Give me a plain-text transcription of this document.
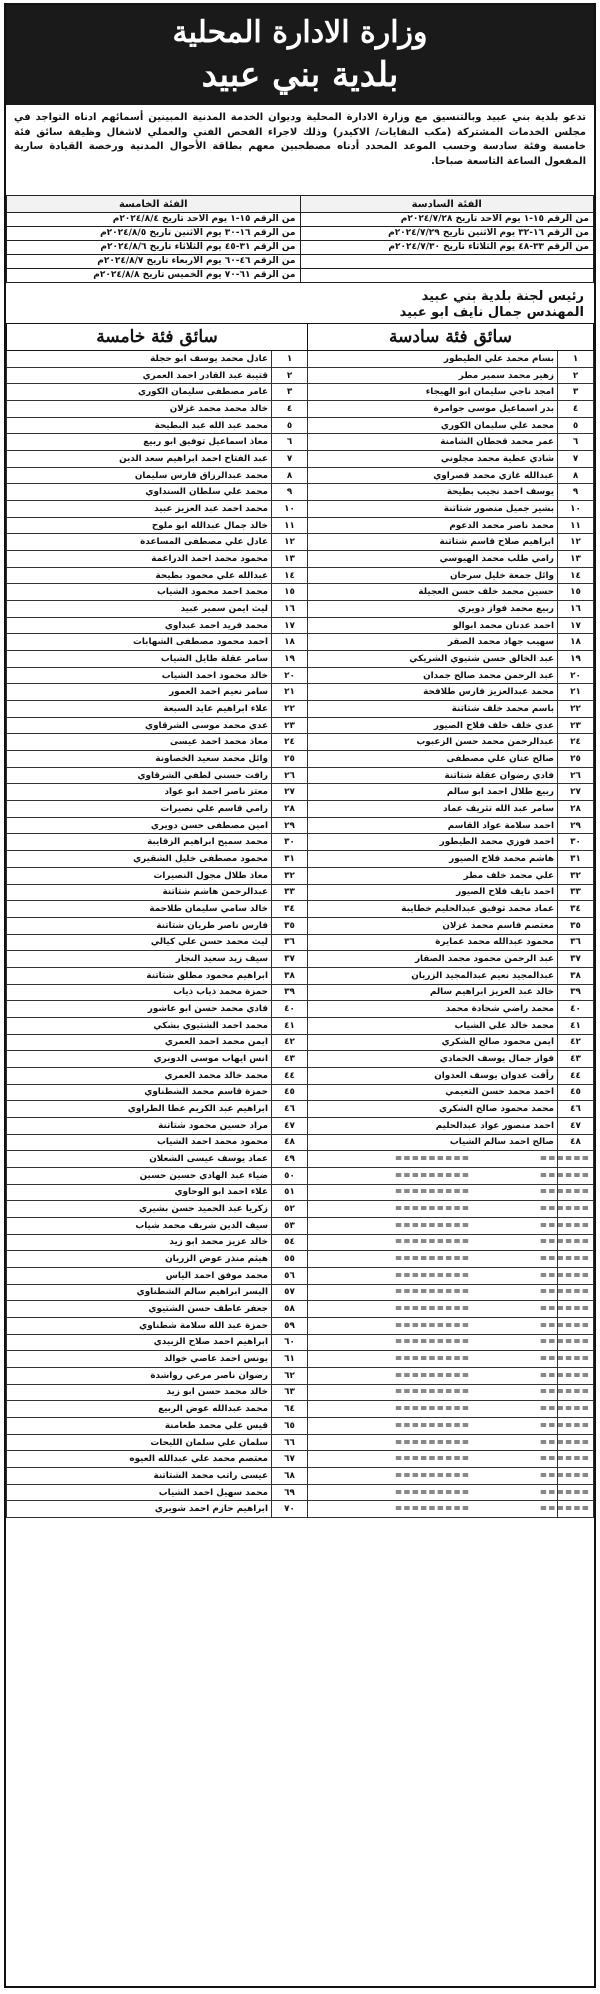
وزارة الادارة المحلية
بلدية بني عبيد
تدعو بلدية بني عبيد وبالتنسيق مع وزارة الادارة المحلية وديوان الخدمة المدنية المبينين أسمائهم ادناه التواجد في مجلس الخدمات المشتركة (مكب النفايات/ الاكيدر) وذلك لاجراء الفحص الفني والعملي لاشغال وظيفة سائق فئة خامسة وفئة سادسة وحسب الموعد المحدد أدناه مصطحبين معهم بطاقة الأحوال المدنية ورخصة القيادة سارية المفعول الساعة التاسعة صباحا.
الفئة السادسة	الفئة الخامسة
من الرقم ١٥-١ يوم الاحد تاريخ ٢٠٢٤/٧/٢٨م	من الرقم ١٥-١ يوم الاحد تاريخ ٢٠٢٤/٨/٤م
من الرقم ١٦-٣٢ يوم الاثنين تاريخ ٢٠٢٤/٧/٢٩م	من الرقم ١٦-٣٠ يوم الاثنين تاريخ ٢٠٢٤/٨/٥م
من الرقم ٣٣-٤٨ يوم الثلاثاء تاريخ ٢٠٢٤/٧/٣٠م	من الرقم ٣١-٤٥ يوم الثلاثاء تاريخ ٢٠٢٤/٨/٦م
	من الرقم ٤٦-٦٠ يوم الاربعاء تاريخ ٢٠٢٤/٨/٧م
	من الرقم ٦١-٧٠ يوم الخميس تاريخ ٢٠٢٤/٨/٨م
رئيس لجنة بلدية بني عبيد
المهندس جمال نايف ابو عبيد
سائق فئة سادسة		سائق فئة خامسة	
١	بسام محمد علي الطيطور	١	عادل محمد يوسف ابو حجلة
٢	زهير محمد سمير مطر	٢	قتيبة عبد القادر احمد العمري
٣	امجد ناجي سليمان ابو الهيجاء	٣	عامر مصطفى سليمان الكوري
٤	بدر اسماعيل موسى جوامرة	٤	خالد محمد محمد غزلان
٥	محمد علي سليمان الكوري	٥	محمد عبد الله عبد البطيحة
٦	عمر محمد قحطان الشامنة	٦	معاذ اسماعيل توفيق ابو ربيع
٧	شادي عطية محمد مجلوني	٧	عبد الفتاح احمد ابراهيم سعد الدين
٨	عبدالله غازي محمد قصراوي	٨	محمد عبدالرزاق فارس سليمان
٩	يوسف احمد نجيب بطيحة	٩	محمد علي سلطان السنداوي
١٠	بشير جميل منصور شتاتنة	١٠	محمد احمد عبد العزيز عبيد
١١	محمد ناصر محمد الدعوم	١١	خالد جمال عبدالله ابو ملوح
١٢	ابراهيم صلاح قاسم شتاتنة	١٢	عادل علي مصطفى المساعدة
١٣	رامي طلب محمد الهيوسي	١٣	محمود محمد احمد الدراغمة
١٤	وائل جمعة خليل سرحان	١٤	عبدالله علي محمود بطيحة
١٥	حسين محمد خلف حسن العجيلة	١٥	محمد احمد محمود الشياب
١٦	ربيع محمد فواز دويري	١٦	ليث ايمن سمير عبيد
١٧	احمد عدنان محمد ابوالو	١٧	محمد فريد احمد عبداوي
١٨	سهيب جهاد محمد الصقر	١٨	احمد محمود مصطفى الشهابات
١٩	عبد الخالق حسن شتيوي الشريكي	١٩	سامر عقلة طايل الشياب
٢٠	عبد الرحمن محمد صالح جمدان	٢٠	خالد محمود احمد الشياب
٢١	محمد عبدالعزيز فارس طلافحة	٢١	سامر نعيم احمد العمور
٢٢	باسم محمد خلف شتاتنة	٢٢	علاء ابراهيم عايد السبعة
٢٣	عدي خلف خلف فلاح الصيور	٢٣	عدي محمد موسى الشرقاوي
٢٤	عبدالرحمن محمد حسن الزعبوب	٢٤	معاذ محمد احمد عيسى
٢٥	صالح عنان علي مصطفى	٢٥	وائل محمد سعيد الخصاونة
٢٦	فادي رضوان عقلة شتاتنة	٢٦	رافت حسني لطفي الشرقاوي
٢٧	ربيع طلال احمد ابو سالم	٢٧	معتز ناصر احمد ابو عواد
٢٨	سامر عبد الله تثريف عماد	٢٨	رامي قاسم علي نصيرات
٢٩	احمد سلامة عواد القاسم	٢٩	امين مصطفى حسن دويري
٣٠	احمد فوزي محمد الطيطور	٣٠	محمد سميح ابراهيم الزقايبة
٣١	هاشم محمد فلاح الصيور	٣١	محمود مصطفى خليل الشقيري
٣٢	علي محمد خلف مطر	٣٢	معاذ طلال مجول النصيرات
٣٣	احمد نايف فلاح الصيور	٣٣	عبدالرحمن هاشم شتاتنة
٣٤	عماد محمد توفيق عبدالحليم خطايبة	٣٤	خالد سامي سليمان طلاحمة
٣٥	معتصم قاسم محمد غزلان	٣٥	فارس ناصر طريان شتاتنة
٣٦	محمود عبدالله محمد عمايرة	٣٦	ليث محمد حسن علي كيالي
٣٧	عبد الرحمن محمود محمد الصقار	٣٧	سيف زيد سعيد النجار
٣٨	عبدالمجيد نعيم عبدالمجيد الزريان	٣٨	ابراهيم محمود مطلق شتاتنة
٣٩	خالد عبد العزيز ابراهيم سالم	٣٩	حمزة محمد ذياب ذياب
٤٠	محمد راضي شحادة محمد	٤٠	فادي محمد حسن ابو عاشور
٤١	محمد خالد علي الشياب	٤١	محمد احمد الشتيوي بشكي
٤٢	ايمن محمود صالح الشكري	٤٢	ايمن محمد احمد العمري
٤٣	فواز جمال يوسف الحمادي	٤٣	انس ايهاب موسى الدويري
٤٤	رأفت عدوان يوسف العدوان	٤٤	محمد خالد محمد العمري
٤٥	احمد محمد حسن التعيمي	٤٥	حمزة قاسم محمد الشطناوي
٤٦	محمد محمود صالح الشكري	٤٦	ابراهيم عبد الكريم عطا الطراوي
٤٧	احمد منصور عواد عبدالحليم	٤٧	مراد حسين محمود شتاتنة
٤٨	صالح احمد سالم الشياب	٤٨	محمود محمد احمد الشياب
======	=========	٤٩	عماد يوسف عيسى الشعلان
======	=========	٥٠	ضياء عبد الهادي حسين حسين
======	=========	٥١	علاء احمد ابو الوحاوي
======	=========	٥٢	زكريا عبد الحميد حسن بشيري
======	=========	٥٣	سيف الدين شريف محمد شياب
======	=========	٥٤	خالد عزيز محمد ابو زيد
======	=========	٥٥	هيثم منذر عوض الزريان
======	=========	٥٦	محمد موفق احمد الياس
======	=========	٥٧	اليسر ابراهيم سالم الشطناوي
======	=========	٥٨	جعفر عاطف حسن الشتيوي
======	=========	٥٩	حمزة عبد الله سلامة شطناوي
======	=========	٦٠	ابراهيم احمد صلاح الزبيدي
======	=========	٦١	يونس احمد عاصي خوالد
======	=========	٦٢	رضوان ناصر مرعي رواشدة
======	=========	٦٣	خالد محمد حسن ابو زيد
======	=========	٦٤	محمد عبدالله عوض الربيع
======	=========	٦٥	قيس علي محمد طعامنة
======	=========	٦٦	سلمان علي سلمان الليحات
======	=========	٦٧	معتصم محمد علي عبدالله العيوه
======	=========	٦٨	عيسى راتب محمد الشتاتنة
======	=========	٦٩	محمد سهيل احمد الشياب
======	=========	٧٠	ابراهيم حازم احمد شويري
